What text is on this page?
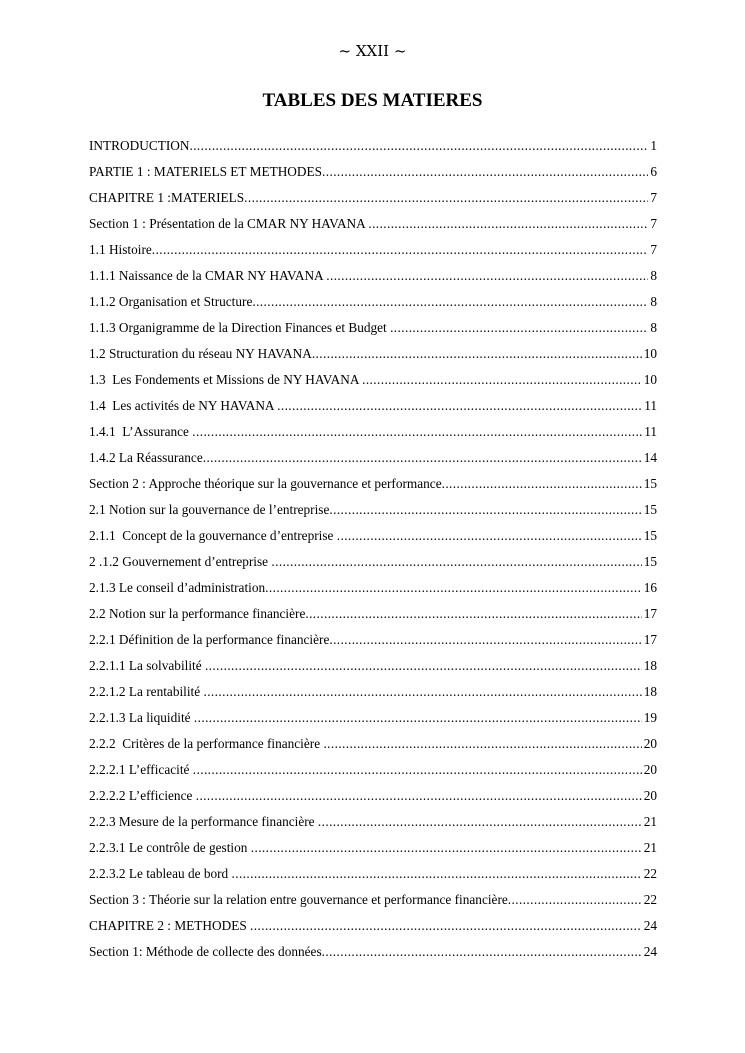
~ XXII ~
TABLES DES MATIERES
INTRODUCTION .....	1
PARTIE 1 : MATERIELS ET METHODES .....	6
CHAPITRE 1 :MATERIELS .....	7
Section 1 : Présentation de la CMAR NY HAVANA .....	7
1.1 Histoire .....	7
1.1.1 Naissance de la CMAR NY HAVANA .....	8
1.1.2 Organisation et Structure .....	8
1.1.3 Organigramme de la Direction Finances et Budget .....	8
1.2 Structuration du réseau NY HAVANA .....	10
1.3  Les Fondements et Missions de NY HAVANA .....	10
1.4  Les activités de NY HAVANA .....	11
1.4.1  L’Assurance .....	11
1.4.2 La Réassurance .....	14
Section 2 : Approche théorique sur la gouvernance et performance .....	15
2.1 Notion sur la gouvernance de l’entreprise .....	15
2.1.1  Concept de la gouvernance d’entreprise .....	15
2 .1.2 Gouvernement d’entreprise .....	15
2.1.3 Le conseil d’administration .....	16
2.2 Notion sur la performance financière .....	17
2.2.1 Définition de la performance financière .....	17
2.2.1.1 La solvabilité .....	18
2.2.1.2 La rentabilité .....	18
2.2.1.3 La liquidité .....	19
2.2.2  Critères de la performance financière .....	20
2.2.2.1 L’efficacité .....	20
2.2.2.2 L’efficience .....	20
2.2.3 Mesure de la performance financière .....	21
2.2.3.1 Le contrôle de gestion .....	21
2.2.3.2 Le tableau de bord .....	22
Section 3 : Théorie sur la relation entre gouvernance et performance financière .....	22
CHAPITRE 2 : METHODES .....	24
Section 1: Méthode de collecte des données .....	24
